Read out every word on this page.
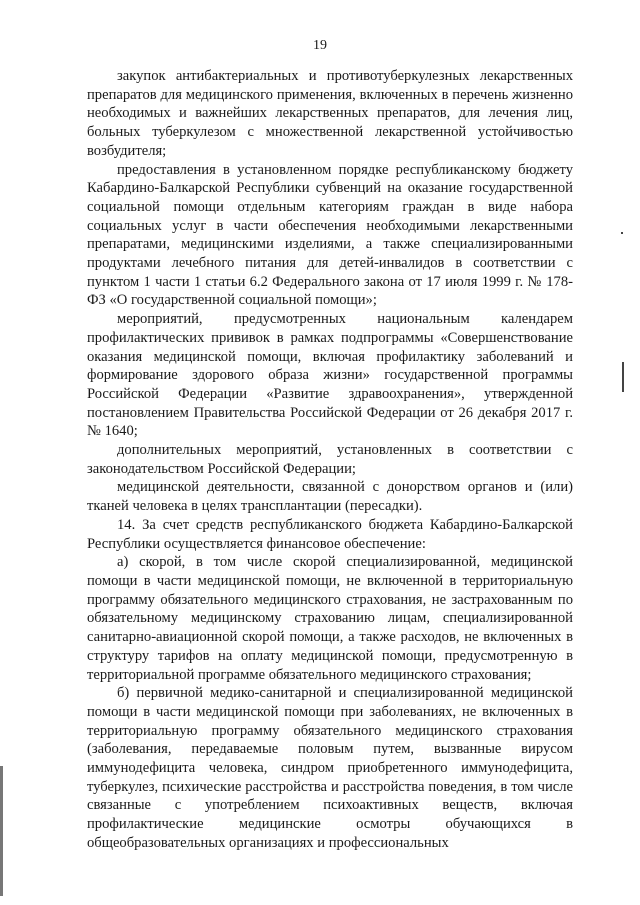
19

закупок антибактериальных и противотуберкулезных лекарственных препаратов для медицинского применения, включенных в перечень жизненно необходимых и важнейших лекарственных препаратов, для лечения лиц, больных туберкулезом с множественной лекарственной устойчивостью возбудителя;

предоставления в установленном порядке республиканскому бюджету Кабардино-Балкарской Республики субвенций на оказание государственной социальной помощи отдельным категориям граждан в виде набора социальных услуг в части обеспечения необходимыми лекарственными препаратами, медицинскими изделиями, а также специализированными продуктами лечебного питания для детей-инвалидов в соответствии с пунктом 1 части 1 статьи 6.2 Федерального закона от 17 июля 1999 г. № 178-ФЗ «О государственной социальной помощи»;

мероприятий, предусмотренных национальным календарем профилактических прививок в рамках подпрограммы «Совершенствование оказания медицинской помощи, включая профилактику заболеваний и формирование здорового образа жизни» государственной программы Российской Федерации «Развитие здравоохранения», утвержденной постановлением Правительства Российской Федерации от 26 декабря 2017 г. № 1640;

дополнительных мероприятий, установленных в соответствии с законодательством Российской Федерации;

медицинской деятельности, связанной с донорством органов и (или) тканей человека в целях трансплантации (пересадки).

14. За счет средств республиканского бюджета Кабардино-Балкарской Республики осуществляется финансовое обеспечение:

а) скорой, в том числе скорой специализированной, медицинской помощи в части медицинской помощи, не включенной в территориальную программу обязательного медицинского страхования, не застрахованным по обязательному медицинскому страхованию лицам, специализированной санитарно-авиационной скорой помощи, а также расходов, не включенных в структуру тарифов на оплату медицинской помощи, предусмотренную в территориальной программе обязательного медицинского страхования;

б) первичной медико-санитарной и специализированной медицинской помощи в части медицинской помощи при заболеваниях, не включенных в территориальную программу обязательного медицинского страхования (заболевания, передаваемые половым путем, вызванные вирусом иммунодефицита человека, синдром приобретенного иммунодефицита, туберкулез, психические расстройства и расстройства поведения, в том числе связанные с употреблением психоактивных веществ, включая профилактические медицинские осмотры обучающихся в общеобразовательных организациях и профессиональных
